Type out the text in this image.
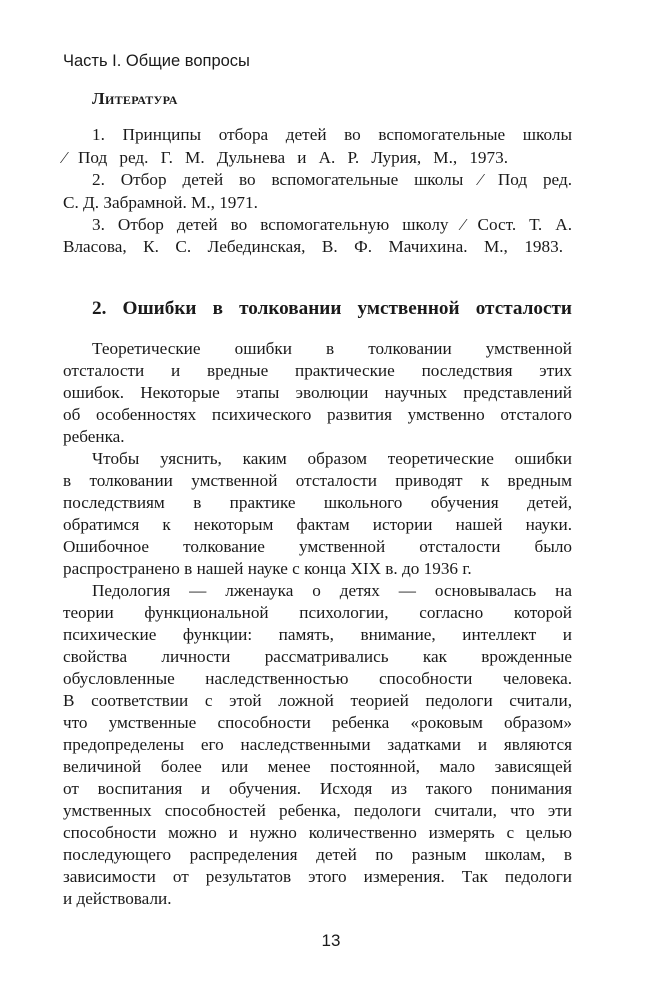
Часть I. Общие вопросы
Литература
1. Принципы отбора детей во вспомогательные школы
⁄ Под ред. Г. М. Дульнева и А. Р. Лурия, М., 1973.
2. Отбор детей во вспомогательные школы ⁄ Под ред.
С. Д. Забрамной. М., 1971.
3. Отбор детей во вспомогательную школу ⁄ Сост. Т. А.
Власова, К. С. Лебединская, В. Ф. Мачихина. М., 1983.
2. Ошибки в толковании умственной отсталости
Теоретические ошибки в толковании умственной
отсталости и вредные практические последствия этих
ошибок. Некоторые этапы эволюции научных представлений
об особенностях психического развития умственно отсталого
ребенка.
Чтобы уяснить, каким образом теоретические ошибки
в толковании умственной отсталости приводят к вредным
последствиям в практике школьного обучения детей,
обратимся к некоторым фактам истории нашей науки.
Ошибочное толкование умственной отсталости было
распространено в нашей науке с конца XIX в. до 1936 г.
Педология — лженаука о детях — основывалась на
теории функциональной психологии, согласно которой
психические функции: память, внимание, интеллект и
свойства личности рассматривались как врожденные
обусловленные наследственностью способности человека.
В соответствии с этой ложной теорией педологи считали,
что умственные способности ребенка «роковым образом»
предопределены его наследственными задатками и являются
величиной более или менее постоянной, мало зависящей
от воспитания и обучения. Исходя из такого понимания
умственных способностей ребенка, педологи считали, что эти
способности можно и нужно количественно измерять с целью
последующего распределения детей по разным школам, в
зависимости от результатов этого измерения. Так педологи
и действовали.
13
